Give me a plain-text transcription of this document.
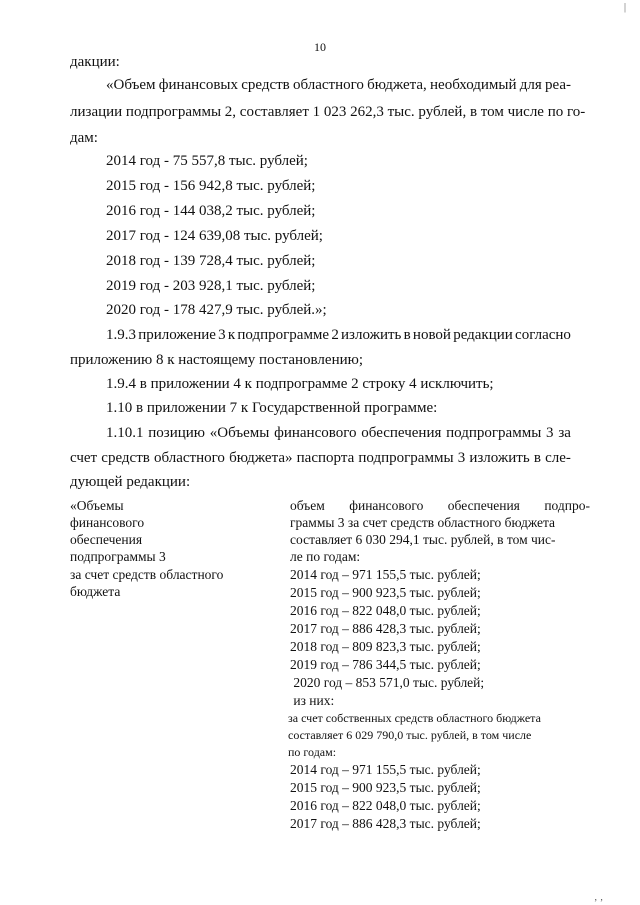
10
|
дакции:
«Объем финансовых средств областного бюджета, необходимый для реа-
лизации подпрограммы 2, составляет 1 023 262,3 тыс. рублей, в том числе по го-
дам:
2014 год - 75 557,8 тыс. рублей;
2015 год - 156 942,8 тыс. рублей;
2016 год - 144 038,2 тыс. рублей;
2017 год - 124 639,08 тыс. рублей;
2018 год - 139 728,4 тыс. рублей;
2019 год - 203 928,1 тыс. рублей;
2020 год - 178 427,9 тыс. рублей.»;
1.9.3 приложение 3 к подпрограмме 2 изложить в новой редакции согласно
приложению 8 к настоящему постановлению;
1.9.4 в приложении 4 к подпрограмме 2 строку 4 исключить;
1.10 в приложении 7 к Государственной программе:
1.10.1 позицию «Объемы финансового обеспечения подпрограммы 3 за
счет средств областного бюджета» паспорта подпрограммы 3 изложить в сле-
дующей редакции:
«Объемы
финансового
обеспечения
подпрограммы 3
за счет средств областного
бюджета
объем финансового обеспечения подпро-
граммы 3 за счет средств областного бюджета
составляет 6 030 294,1 тыс. рублей, в том чис-
ле по годам:
2014 год – 971 155,5 тыс. рублей;
2015 год – 900 923,5 тыс. рублей;
2016 год – 822 048,0 тыс. рублей;
2017 год – 886 428,3 тыс. рублей;
2018 год – 809 823,3 тыс. рублей;
2019 год – 786 344,5 тыс. рублей;
2020 год – 853 571,0 тыс. рублей;
из них:
за счет собственных средств областного бюджета
составляет 6 029 790,0 тыс. рублей, в том числе
по годам:
2014 год – 971 155,5 тыс. рублей;
2015 год – 900 923,5 тыс. рублей;
2016 год – 822 048,0 тыс. рублей;
2017 год – 886 428,3 тыс. рублей;
‚ ‚
